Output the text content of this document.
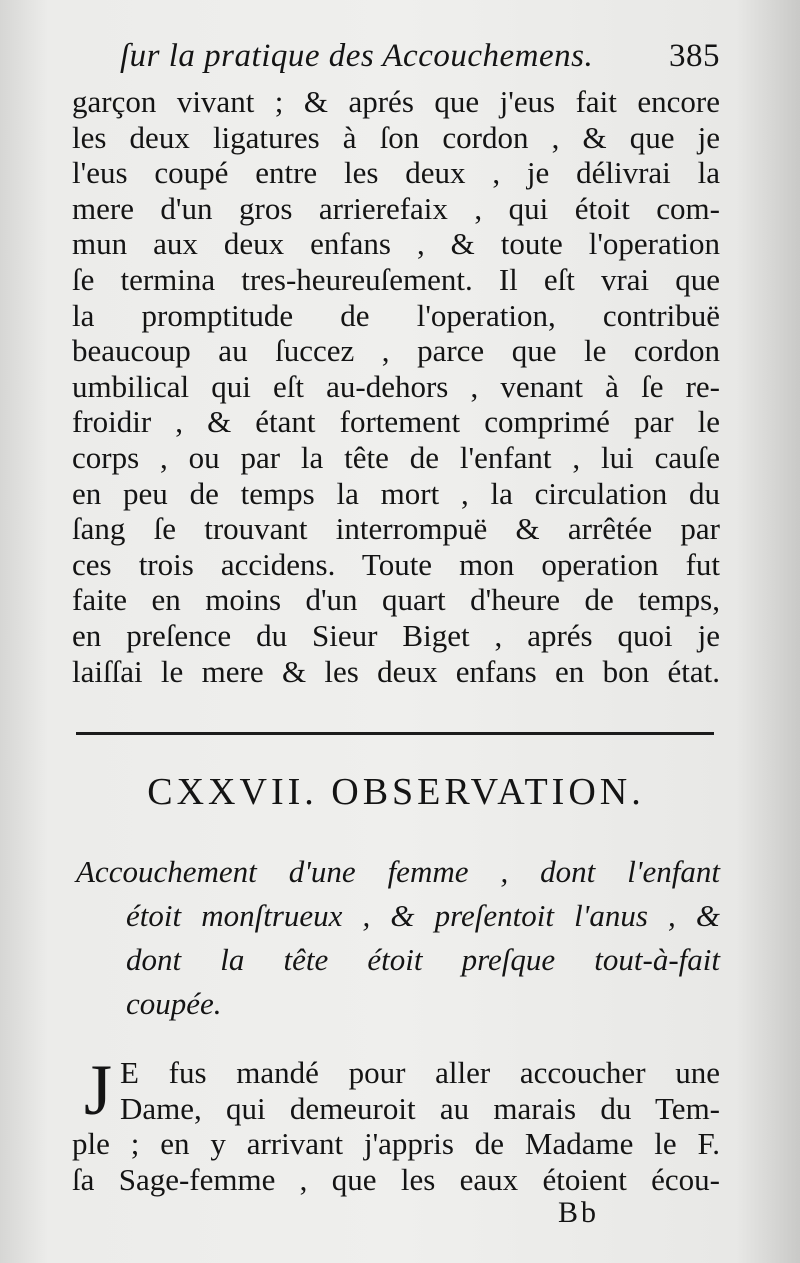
ſur la pratique des Accouchemens. 385
garçon vivant ; & aprés que j'eus fait encore
les deux ligatures à ſon cordon , & que je
l'eus coupé entre les deux , je délivrai la
mere d'un gros arrierefaix , qui étoit com-
mun aux deux enfans , & toute l'operation
ſe termina tres-heureuſement. Il eſt vrai que
la promptitude de l'operation, contribuë
beaucoup au ſuccez , parce que le cordon
umbilical qui eſt au-dehors , venant à ſe re-
froidir , & étant fortement comprimé par le
corps , ou par la tête de l'enfant , lui cauſe
en peu de temps la mort , la circulation du
ſang ſe trouvant interrompuë & arrêtée par
ces trois accidens. Toute mon operation fut
faite en moins d'un quart d'heure de temps,
en preſence du Sieur Biget , aprés quoi je
laiſſai le mere & les deux enfans en bon état.
CXXVII. OBSERVATION.
Accouchement d'une femme , dont l'enfant
étoit monſtrueux , & preſentoit l'anus , &
dont la tête étoit preſque tout-à-fait
coupée.
J E fus mandé pour aller accoucher une
Dame, qui demeuroit au marais du Tem-
ple ; en y arrivant j'appris de Madame le F.
ſa Sage-femme , que les eaux étoient écou-
Bb
